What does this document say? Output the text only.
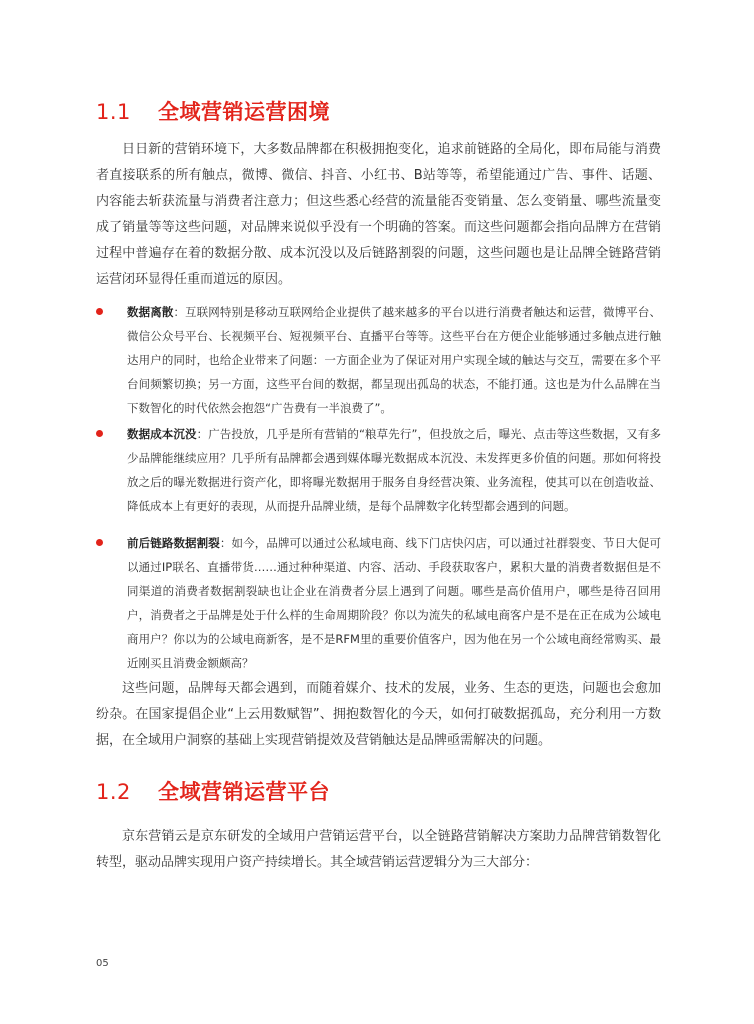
1.1	全域营销运营困境

日日新的营销环境下，大多数品牌都在积极拥抱变化，追求前链路的全局化，即布局能与消费者直接联系的所有触点，微博、微信、抖音、小红书、B站等等，希望能通过广告、事件、话题、内容能去斩获流量与消费者注意力；但这些悉心经营的流量能否变销量、怎么变销量、哪些流量变成了销量等等这些问题，对品牌来说似乎没有一个明确的答案。而这些问题都会指向品牌方在营销过程中普遍存在着的数据分散、成本沉没以及后链路割裂的问题，这些问题也是让品牌全链路营销运营闭环显得任重而道远的原因。

数据离散：互联网特别是移动互联网给企业提供了越来越多的平台以进行消费者触达和运营，微博平台、微信公众号平台、长视频平台、短视频平台、直播平台等等。这些平台在方便企业能够通过多触点进行触达用户的同时，也给企业带来了问题：一方面企业为了保证对用户实现全域的触达与交互，需要在多个平台间频繁切换；另一方面，这些平台间的数据，都呈现出孤岛的状态，不能打通。这也是为什么品牌在当下数智化的时代依然会抱怨“广告费有一半浪费了”。
数据成本沉没：广告投放，几乎是所有营销的“粮草先行”，但投放之后，曝光、点击等这些数据，又有多少品牌能继续应用？几乎所有品牌都会遇到媒体曝光数据成本沉没、未发挥更多价值的问题。那如何将投放之后的曝光数据进行资产化，即将曝光数据用于服务自身经营决策、业务流程，使其可以在创造收益、降低成本上有更好的表现，从而提升品牌业绩，是每个品牌数字化转型都会遇到的问题。
前后链路数据割裂：如今，品牌可以通过公私域电商、线下门店快闪店，可以通过社群裂变、节日大促可以通过IP联名、直播带货……通过种种渠道、内容、活动、手段获取客户，累积大量的消费者数据但是不同渠道的消费者数据割裂缺也让企业在消费者分层上遇到了问题。哪些是高价值用户，哪些是待召回用户，消费者之于品牌是处于什么样的生命周期阶段？你以为流失的私域电商客户是不是在正在成为公域电商用户？你以为的公域电商新客，是不是RFM里的重要价值客户，因为他在另一个公域电商经常购买、最近刚买且消费金额颇高？

这些问题，品牌每天都会遇到，而随着媒介、技术的发展，业务、生态的更迭，问题也会愈加纷杂。在国家提倡企业“上云用数赋智”、拥抱数智化的今天，如何打破数据孤岛，充分利用一方数据，在全域用户洞察的基础上实现营销提效及营销触达是品牌亟需解决的问题。

1.2	全域营销运营平台

京东营销云是京东研发的全域用户营销运营平台，以全链路营销解决方案助力品牌营销数智化转型，驱动品牌实现用户资产持续增长。其全域营销运营逻辑分为三大部分：

05
